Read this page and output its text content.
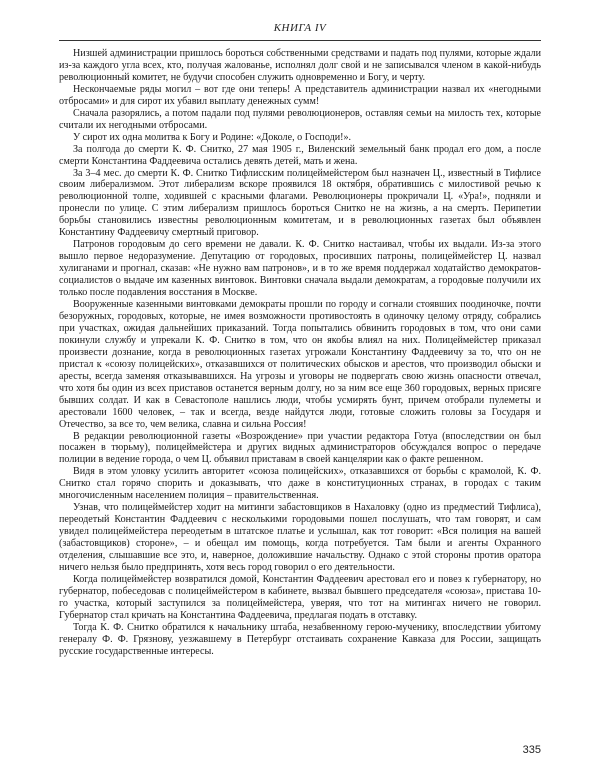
КНИГА IV

Низшей администрации пришлось бороться собственными средствами и падать под пулями, которые ждали из-за каждого угла всех, кто, получая жалованье, исполнял долг свой и не записывался членом в какой-нибудь революционный комитет, не будучи способен служить одновременно и Богу, и черту.

Нескончаемые ряды могил – вот где они теперь! А представитель администрации назвал их «негодными отбросами» и для сирот их убавил выплату денежных сумм!

Сначала разорялись, а потом падали под пулями революционеров, оставляя семьи на милость тех, которые считали их негодными отбросами.

У сирот их одна молитва к Богу и Родине: «Доколе, о Господи!».

За полгода до смерти К. Ф. Снитко, 27 мая 1905 г., Виленский земельный банк продал его дом, а после смерти Константина Фаддеевича остались девять детей, мать и жена.

За 3–4 мес. до смерти К. Ф. Снитко Тифлисским полицеймейстером был назначен Ц., известный в Тифлисе своим либерализмом. Этот либерализм вскоре проявился 18 октября, обратившись с милостивой речью к революционной толпе, ходившей с красными флагами. Революционеры прокричали Ц. «Ура!», подняли и пронесли по улице. С этим либерализм пришлось бороться Снитко не на жизнь, а на смерть. Перипетии борьбы становились известны революционным комитетам, и в революционных газетах был объявлен Константину Фаддеевичу смертный приговор.

Патронов городовым до сего времени не давали. К. Ф. Снитко настаивал, чтобы их выдали. Из-за этого вышло первое недоразумение. Депутацию от городовых, просивших патроны, полицеймейстер Ц. назвал хулиганами и прогнал, сказав: «Не нужно вам патронов», и в то же время поддержал ходатайство демократов-социалистов о выдаче им казенных винтовок. Винтовки сначала выдали демократам, а городовые получили их только после подавления восстания в Москве.

Вооруженные казенными винтовками демократы прошли по городу и согнали стоявших поодиночке, почти безоружных, городовых, которые, не имея возможности противостоять в одиночку целому отряду, собрались при участках, ожидая дальнейших приказаний. Тогда попытались обвинить городовых в том, что они сами покинули службу и упрекали К. Ф. Снитко в том, что он якобы влиял на них. Полицеймейстер приказал произвести дознание, когда в революционных газетах угрожали Константину Фаддеевичу за то, что он не пристал к «союзу полицейских», отказавшихся от политических обысков и арестов, что производил обыски и аресты, всегда заменяя отказывавшихся. На угрозы и уговоры не подвергать свою жизнь опасности отвечал, что хотя бы один из всех приставов останется верным долгу, но за ним все еще 360 городовых, верных присяге бывших солдат. И как в Севастополе нашлись люди, чтобы усмирять бунт, причем отобрали пулеметы и арестовали 1600 человек, – так и всегда, везде найдутся люди, готовые сложить головы за Государя и Отечество, за все то, чем велика, славна и сильна Россия!

В редакции революционной газеты «Возрождение» при участии редактора Готуа (впоследствии он был посажен в тюрьму), полицеймейстера и других видных администраторов обсуждался вопрос о передаче полиции в ведение города, о чем Ц. объявил приставам в своей канцелярии как о факте решенном.

Видя в этом уловку усилить авторитет «союза полицейских», отказавшихся от борьбы с крамолой, К. Ф. Снитко стал горячо спорить и доказывать, что даже в конституционных странах, в городах с таким многочисленным населением полиция – правительственная.

Узнав, что полицеймейстер ходит на митинги забастовщиков в Нахаловку (одно из предместий Тифлиса), переодетый Константин Фаддеевич с несколькими городовыми пошел послушать, что там говорят, и сам увидел полицеймейстера переодетым в штатское платье и услышал, как тот говорит: «Вся полиция на вашей (забастовщиков) стороне», – и обещал им помощь, когда потребуется. Там были и агенты Охранного отделения, слышавшие все это, и, наверное, доложившие начальству. Однако с этой стороны против оратора ничего нельзя было предпринять, хотя весь город говорил о его деятельности.

Когда полицеймейстер возвратился домой, Константин Фаддеевич арестовал его и повез к губернатору, но губернатор, побеседовав с полицеймейстером в кабинете, вызвал бывшего председателя «союза», пристава 10-го участка, который заступился за полицеймейстера, уверяя, что тот на митингах ничего не говорил. Губернатор стал кричать на Константина Фаддеевича, предлагая подать в отставку.

Тогда К. Ф. Снитко обратился к начальнику штаба, незабвенному герою-мученику, впоследствии убитому генералу Ф. Ф. Грязнову, уезжавшему в Петербург отстаивать сохранение Кавказа для России, защищать русские государственные интересы.

335
